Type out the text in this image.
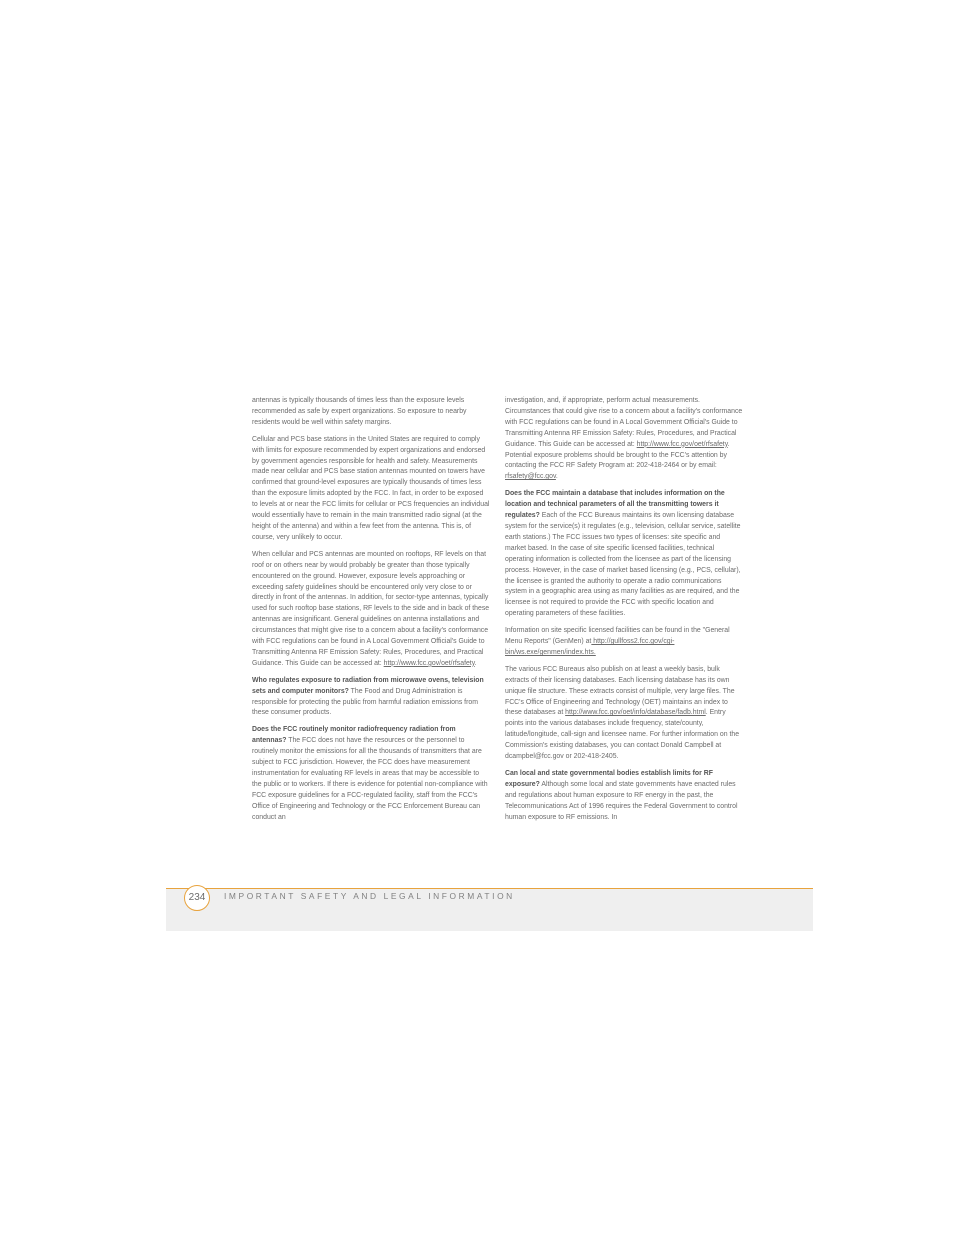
antennas is typically thousands of times less than the exposure levels recommended as safe by expert organizations. So exposure to nearby residents would be well within safety margins.

Cellular and PCS base stations in the United States are required to comply with limits for exposure recommended by expert organizations and endorsed by government agencies responsible for health and safety. Measurements made near cellular and PCS base station antennas mounted on towers have confirmed that ground-level exposures are typically thousands of times less than the exposure limits adopted by the FCC. In fact, in order to be exposed to levels at or near the FCC limits for cellular or PCS frequencies an individual would essentially have to remain in the main transmitted radio signal (at the height of the antenna) and within a few feet from the antenna. This is, of course, very unlikely to occur.

When cellular and PCS antennas are mounted on rooftops, RF levels on that roof or on others near by would probably be greater than those typically encountered on the ground. However, exposure levels approaching or exceeding safety guidelines should be encountered only very close to or directly in front of the antennas. In addition, for sector-type antennas, typically used for such rooftop base stations, RF levels to the side and in back of these antennas are insignificant. General guidelines on antenna installations and circumstances that might give rise to a concern about a facility's conformance with FCC regulations can be found in A Local Government Official's Guide to Transmitting Antenna RF Emission Safety: Rules, Procedures, and Practical Guidance. This Guide can be accessed at: http://www.fcc.gov/oet/rfsafety.

Who regulates exposure to radiation from microwave ovens, television sets and computer monitors? The Food and Drug Administration is responsible for protecting the public from harmful radiation emissions from these consumer products.

Does the FCC routinely monitor radiofrequency radiation from antennas? The FCC does not have the resources or the personnel to routinely monitor the emissions for all the thousands of transmitters that are subject to FCC jurisdiction. However, the FCC does have measurement instrumentation for evaluating RF levels in areas that may be accessible to the public or to workers. If there is evidence for potential non-compliance with FCC exposure guidelines for a FCC-regulated facility, staff from the FCC's Office of Engineering and Technology or the FCC Enforcement Bureau can conduct an

investigation, and, if appropriate, perform actual measurements. Circumstances that could give rise to a concern about a facility's conformance with FCC regulations can be found in A Local Government Official's Guide to Transmitting Antenna RF Emission Safety: Rules, Procedures, and Practical Guidance. This Guide can be accessed at: http://www.fcc.gov/oet/rfsafety. Potential exposure problems should be brought to the FCC's attention by contacting the FCC RF Safety Program at: 202-418-2464 or by email: rfsafety@fcc.gov.

Does the FCC maintain a database that includes information on the location and technical parameters of all the transmitting towers it regulates? Each of the FCC Bureaus maintains its own licensing database system for the service(s) it regulates (e.g., television, cellular service, satellite earth stations.) The FCC issues two types of licenses: site specific and market based. In the case of site specific licensed facilities, technical operating information is collected from the licensee as part of the licensing process. However, in the case of market based licensing (e.g., PCS, cellular), the licensee is granted the authority to operate a radio communications system in a geographic area using as many facilities as are required, and the licensee is not required to provide the FCC with specific location and operating parameters of these facilities.

Information on site specific licensed facilities can be found in the "General Menu Reports" (GenMen) at http://gullfoss2.fcc.gov/cgi-bin/ws.exe/genmen/index.hts.

The various FCC Bureaus also publish on at least a weekly basis, bulk extracts of their licensing databases. Each licensing database has its own unique file structure. These extracts consist of multiple, very large files. The FCC's Office of Engineering and Technology (OET) maintains an index to these databases at http://www.fcc.gov/oet/info/database/fadb.html. Entry points into the various databases include frequency, state/county, latitude/longitude, call-sign and licensee name. For further information on the Commission's existing databases, you can contact Donald Campbell at dcampbel@fcc.gov or 202-418-2405.

Can local and state governmental bodies establish limits for RF exposure? Although some local and state governments have enacted rules and regulations about human exposure to RF energy in the past, the Telecommunications Act of 1996 requires the Federal Government to control human exposure to RF emissions. In

234	IMPORTANT SAFETY AND LEGAL INFORMATION
